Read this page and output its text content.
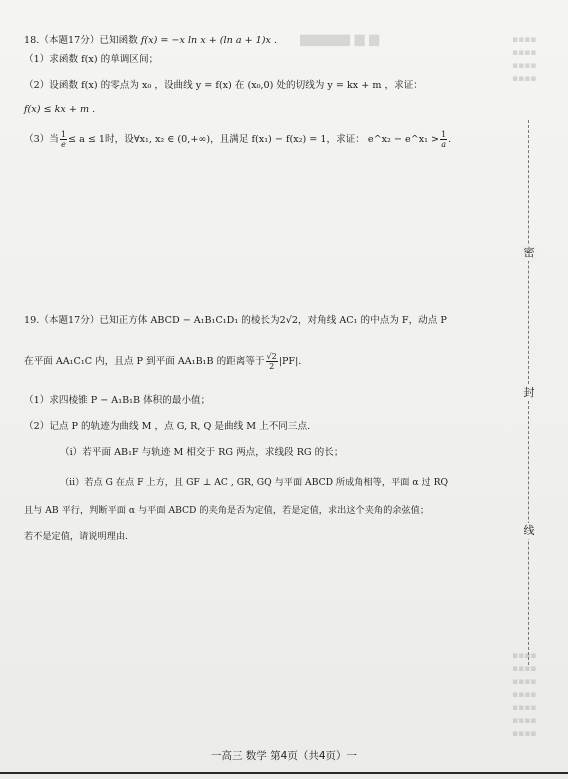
▆▆▆▆▆ ▆ ▆	▪▪▪▪
▪▪▪▪
▪▪▪▪
▪▪▪▪
▪▪▪▪
▪▪▪▪
▪▪▪▪
▪▪▪▪
▪▪▪▪
▪▪▪▪
▪▪▪▪
18.（本题17分）已知函数 f(x) = −x ln x + (ln a + 1)x .
（1）求函数 f(x) 的单调区间；
（2）设函数 f(x) 的零点为 x₀ ，设曲线 y = f(x) 在 (x₀,0) 处的切线为 y = kx + m ，求证：
f(x) ≤ kx + m .
（3）当 $\frac{1}{e} \le a \le 1$时，设∀x₁, x₂ ∈ (0,+∞)，且满足 f(x₁) − f(x₂) = 1，求证： e^x₂ − e^x₁ > $\frac{1}{a}$ .
19.（本题17分）已知正方体 ABCD − A₁B₁C₁D₁ 的棱长为2√2，对角线 AC₁ 的中点为 F，动点 P
在平面 AA₁C₁C 内，且点 P 到平面 AA₁B₁B 的距离等于 $\frac{√2}{2} |PF|$.
（1）求四棱锥 P − A₁B₁B 体积的最小值；
（2）记点 P 的轨迹为曲线 M ，点 G, R, Q 是曲线 M 上不同三点.
（i）若平面 AB₁F 与轨迹 M 相交于 RG 两点，求线段 RG 的长；
（ii）若点 G 在点 F 上方，且 GF ⊥ AC , GR, GQ 与平面 ABCD 所成角相等，平面 α 过 RQ
且与 AB 平行，判断平面 α 与平面 ABCD 的夹角是否为定值，若是定值，求出这个夹角的余弦值；
若不是定值，请说明理由.
密
封
线
一高三 数学 第4页（共4页）一
